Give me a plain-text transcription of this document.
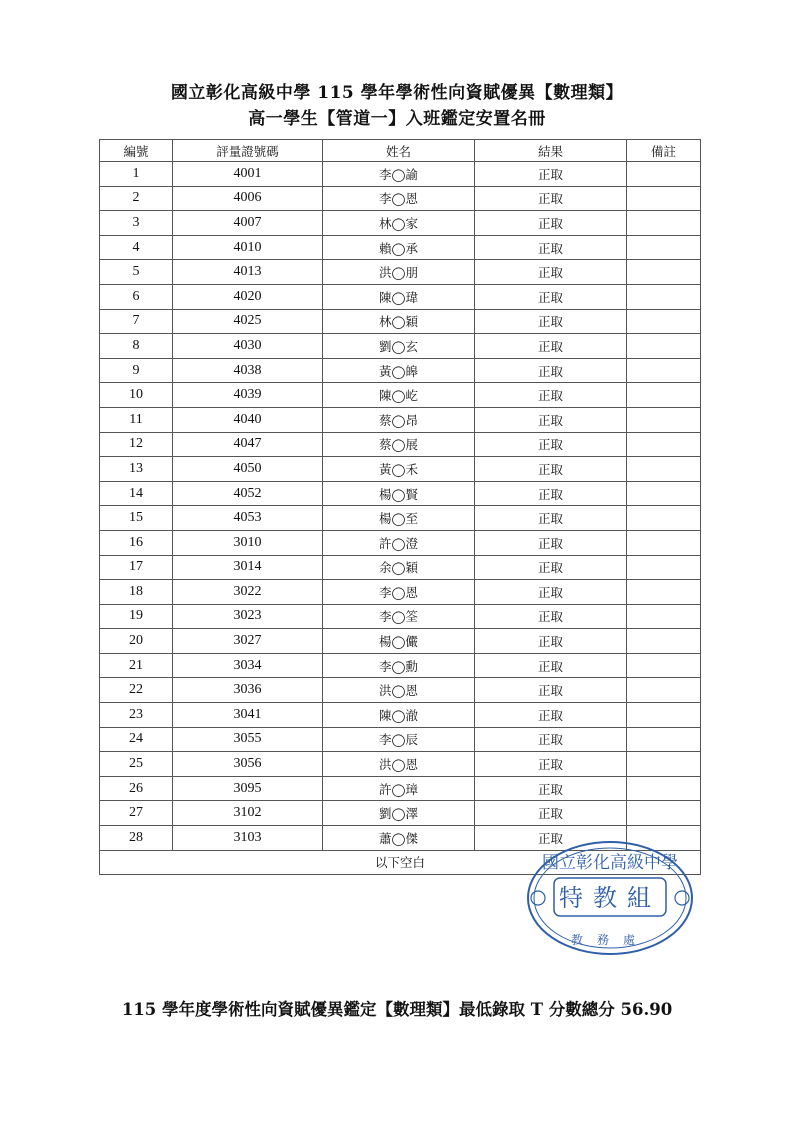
國立彰化高級中學 115 學年學術性向資賦優異【數理類】
高一學生【管道一】入班鑑定安置名冊
編號	評量證號碼	姓名	結果	備註
1	4001	李◯諭	正取	
2	4006	李◯恩	正取	
3	4007	林◯家	正取	
4	4010	賴◯承	正取	
5	4013	洪◯朋	正取	
6	4020	陳◯瑋	正取	
7	4025	林◯穎	正取	
8	4030	劉◯玄	正取	
9	4038	黃◯皞	正取	
10	4039	陳◯屹	正取	
11	4040	蔡◯昂	正取	
12	4047	蔡◯展	正取	
13	4050	黃◯禾	正取	
14	4052	楊◯賢	正取	
15	4053	楊◯至	正取	
16	3010	許◯澄	正取	
17	3014	余◯穎	正取	
18	3022	李◯恩	正取	
19	3023	李◯筌	正取	
20	3027	楊◯儼	正取	
21	3034	李◯勳	正取	
22	3036	洪◯恩	正取	
23	3041	陳◯澈	正取	
24	3055	李◯辰	正取	
25	3056	洪◯恩	正取	
26	3095	許◯璋	正取	
27	3102	劉◯澤	正取	
28	3103	蕭◯傑	正取	
以下空白					國立彰化高級中學
特教組
教務處
115 學年度學術性向資賦優異鑑定【數理類】最低錄取 T 分數總分 56.90
